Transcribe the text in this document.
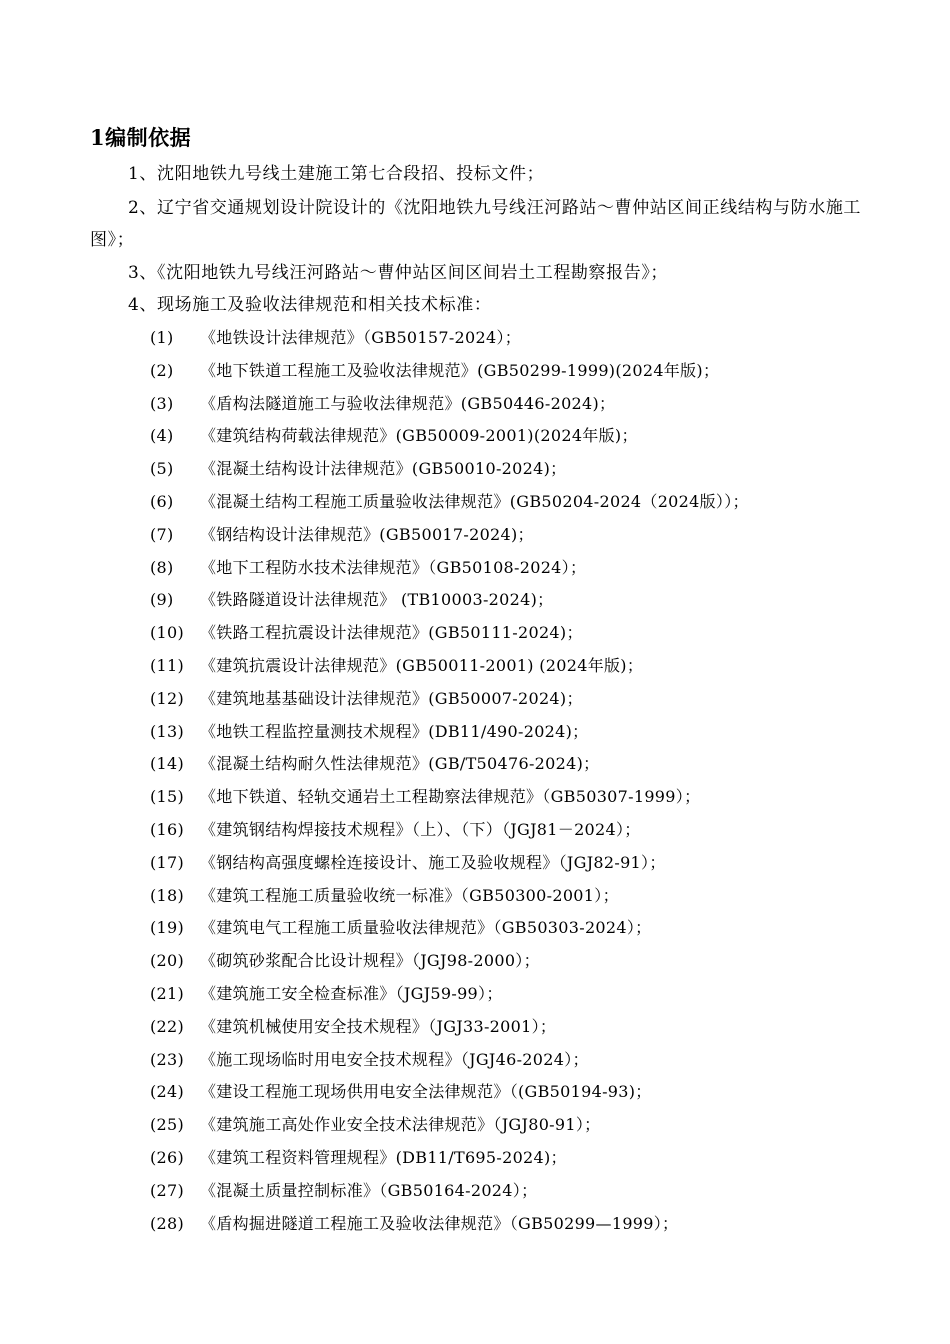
1编制依据
1、沈阳地铁九号线土建施工第七合段招、投标文件；
2、辽宁省交通规划设计院设计的《沈阳地铁九号线汪河路站～曹仲站区间正线结构与防水施工图》；
3、《沈阳地铁九号线汪河路站～曹仲站区间区间岩土工程勘察报告》；
4、现场施工及验收法律规范和相关技术标准：
(1) 《地铁设计法律规范》（GB50157-2024）；
(2) 《地下铁道工程施工及验收法律规范》(GB50299-1999)(2024年版)；
(3) 《盾构法隧道施工与验收法律规范》(GB50446-2024)；
(4) 《建筑结构荷载法律规范》(GB50009-2001)(2024年版)；
(5) 《混凝土结构设计法律规范》(GB50010-2024)；
(6) 《混凝土结构工程施工质量验收法律规范》(GB50204-2024（2024版））；
(7) 《钢结构设计法律规范》(GB50017-2024)；
(8) 《地下工程防水技术法律规范》（GB50108-2024）；
(9) 《铁路隧道设计法律规范》 (TB10003-2024)；
(10) 《铁路工程抗震设计法律规范》(GB50111-2024)；
(11) 《建筑抗震设计法律规范》(GB50011-2001) (2024年版)；
(12) 《建筑地基基础设计法律规范》(GB50007-2024)；
(13) 《地铁工程监控量测技术规程》(DB11/490-2024)；
(14) 《混凝土结构耐久性法律规范》(GB/T50476-2024)；
(15) 《地下铁道、轻轨交通岩土工程勘察法律规范》（GB50307-1999）；
(16) 《建筑钢结构焊接技术规程》（上）、（下）（JGJ81－2024）；
(17) 《钢结构高强度螺栓连接设计、施工及验收规程》（JGJ82-91）；
(18) 《建筑工程施工质量验收统一标准》（GB50300-2001）；
(19) 《建筑电气工程施工质量验收法律规范》（GB50303-2024）；
(20) 《砌筑砂浆配合比设计规程》（JGJ98-2000）；
(21) 《建筑施工安全检查标准》（JGJ59-99）；
(22) 《建筑机械使用安全技术规程》（JGJ33-2001）；
(23) 《施工现场临时用电安全技术规程》（JGJ46-2024）；
(24) 《建设工程施工现场供用电安全法律规范》（(GB50194-93)；
(25) 《建筑施工高处作业安全技术法律规范》（JGJ80-91）；
(26) 《建筑工程资料管理规程》(DB11/T695-2024)；
(27) 《混凝土质量控制标准》（GB50164-2024）；
(28) 《盾构掘进隧道工程施工及验收法律规范》（GB50299—1999）；
